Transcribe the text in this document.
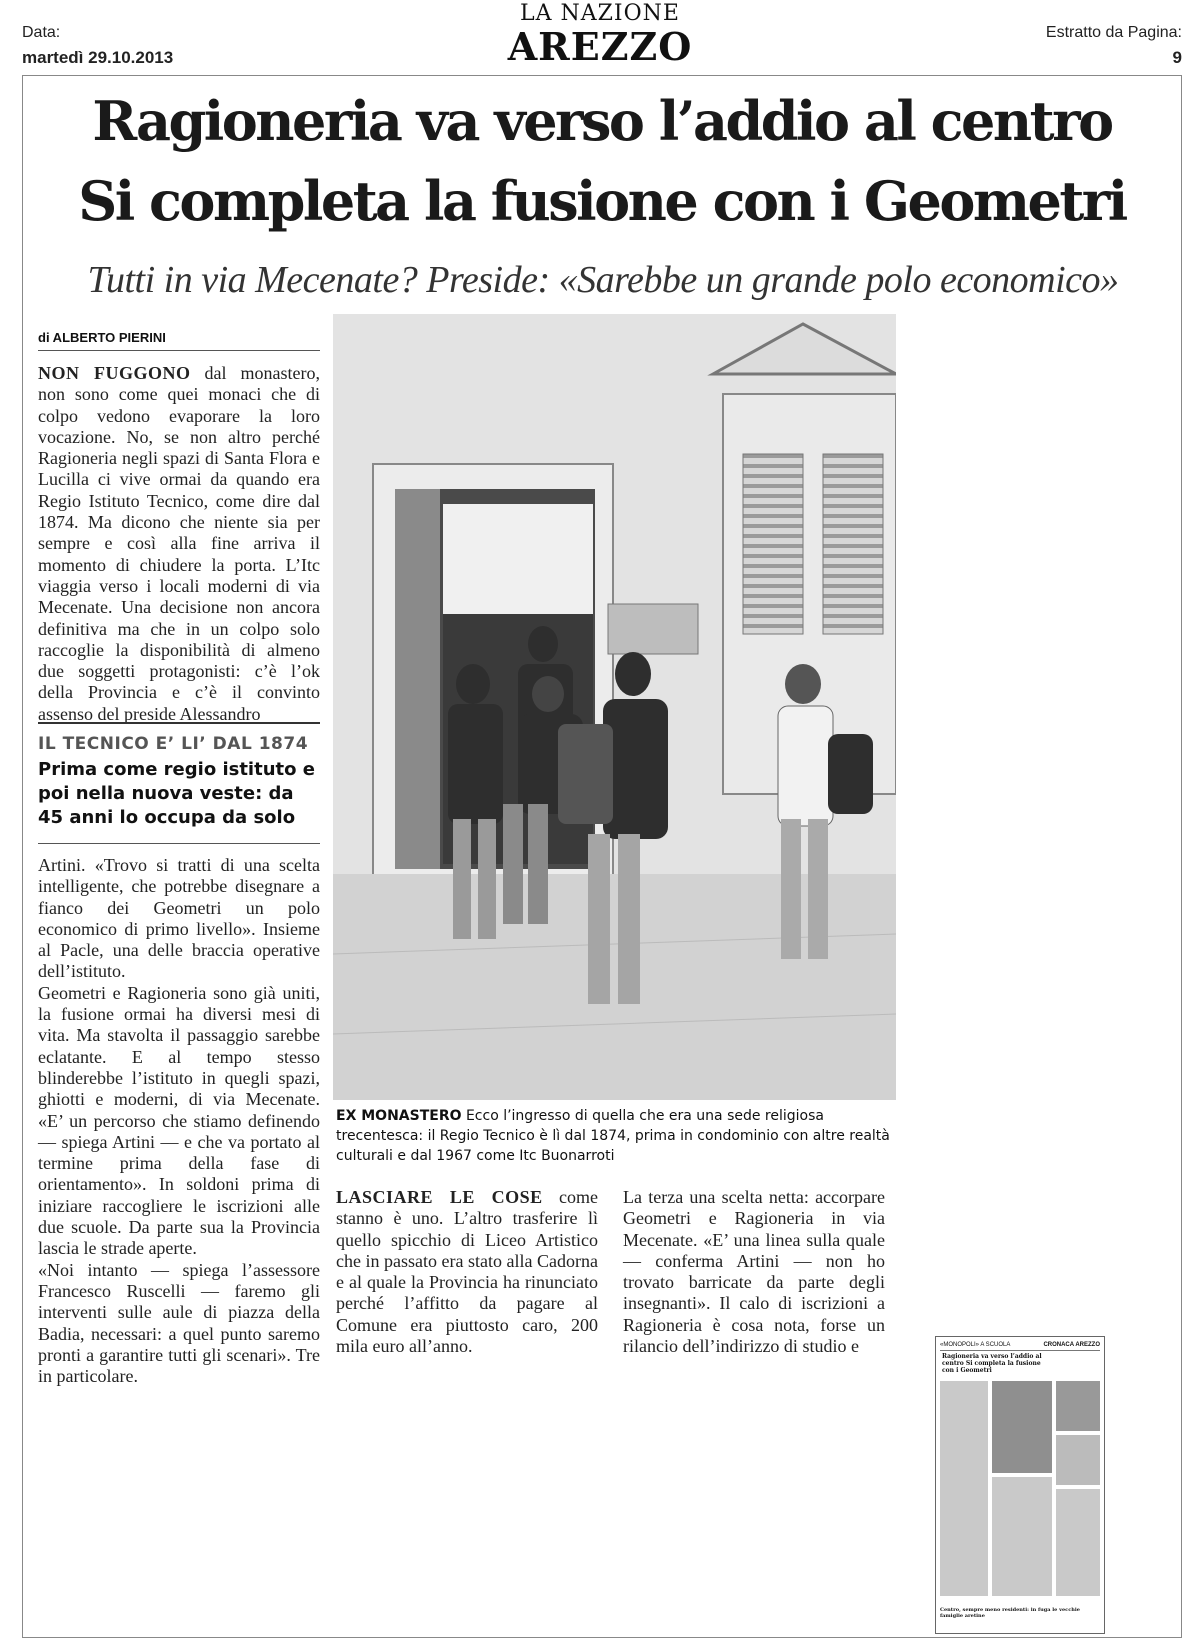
Data:
martedì 29.10.2013
LA NAZIONE
AREZZO	Estratto da Pagina:
9
Ragioneria va verso l’addio al centro
Si completa la fusione con i Geometri
Tutti in via Mecenate? Preside: «Sarebbe un grande polo economico»
di ALBERTO PIERINI

NON FUGGONO dal monastero, non sono come quei monaci che di colpo vedono evaporare la loro vocazione. No, se non altro perché Ragioneria negli spazi di Santa Flora e Lucilla ci vive ormai da quando era Regio Istituto Tecnico, come dire dal 1874. Ma dicono che niente sia per sempre e così alla fine arriva il momento di chiudere la porta. L’Itc viaggia verso i locali moderni di via Mecenate. Una decisione non ancora definitiva ma che in un colpo solo raccoglie la disponibilità di almeno due soggetti protagonisti: c’è l’ok della Provincia e c’è il convinto assenso del preside Alessandro

IL TECNICO E’ LI’ DAL 1874
Prima come regio istituto e poi nella nuova veste: da 45 anni lo occupa da solo

Artini. «Trovo si tratti di una scelta intelligente, che potrebbe disegnare a fianco dei Geometri un polo economico di primo livello». Insieme al Pacle, una delle braccia operative dell’istituto.

Geometri e Ragioneria sono già uniti, la fusione ormai ha diversi mesi di vita. Ma stavolta il passaggio sarebbe eclatante. E al tempo stesso blinderebbe l’istituto in quegli spazi, ghiotti e moderni, di via Mecenate. «E’ un percorso che stiamo definendo — spiega Artini — e che va portato al termine prima della fase di orientamento». In soldoni prima di iniziare raccogliere le iscrizioni alle due scuole. Da parte sua la Provincia lascia le strade aperte.

«Noi intanto — spiega l’assessore Francesco Ruscelli — faremo gli interventi sulle aule di piazza della Badia, necessari: a quel punto saremo pronti a garantire tutti gli scenari». Tre in particolare.

EX MONASTERO Ecco l’ingresso di quella che era una sede religiosa trecentesca: il Regio Tecnico è lì dal 1874, prima in condominio con altre realtà culturali e dal 1967 come Itc Buonarroti

LASCIARE LE COSE come stanno è uno. L’altro trasferire lì quello spicchio di Liceo Artistico che in passato era stato alla Cadorna e al quale la Provincia ha rinunciato perché l’affitto da pagare al Comune era piuttosto caro, 200 mila euro all’anno.

La terza una scelta netta: accorpare Geometri e Ragioneria in via Mecenate. «E’ una linea sulla quale — conferma Artini — non ho trovato barricate da parte degli insegnanti». Il calo di iscrizioni a Ragioneria è cosa nota, forse un rilancio dell’indirizzo di studio e	«MONOPOLI» A SCUOLA	CRONACA AREZZO
Ragioneria va verso l’addio al centro Si completa la fusione con i Geometri
Centro, sempre meno residenti: in fuga le vecchie famiglie aretine
